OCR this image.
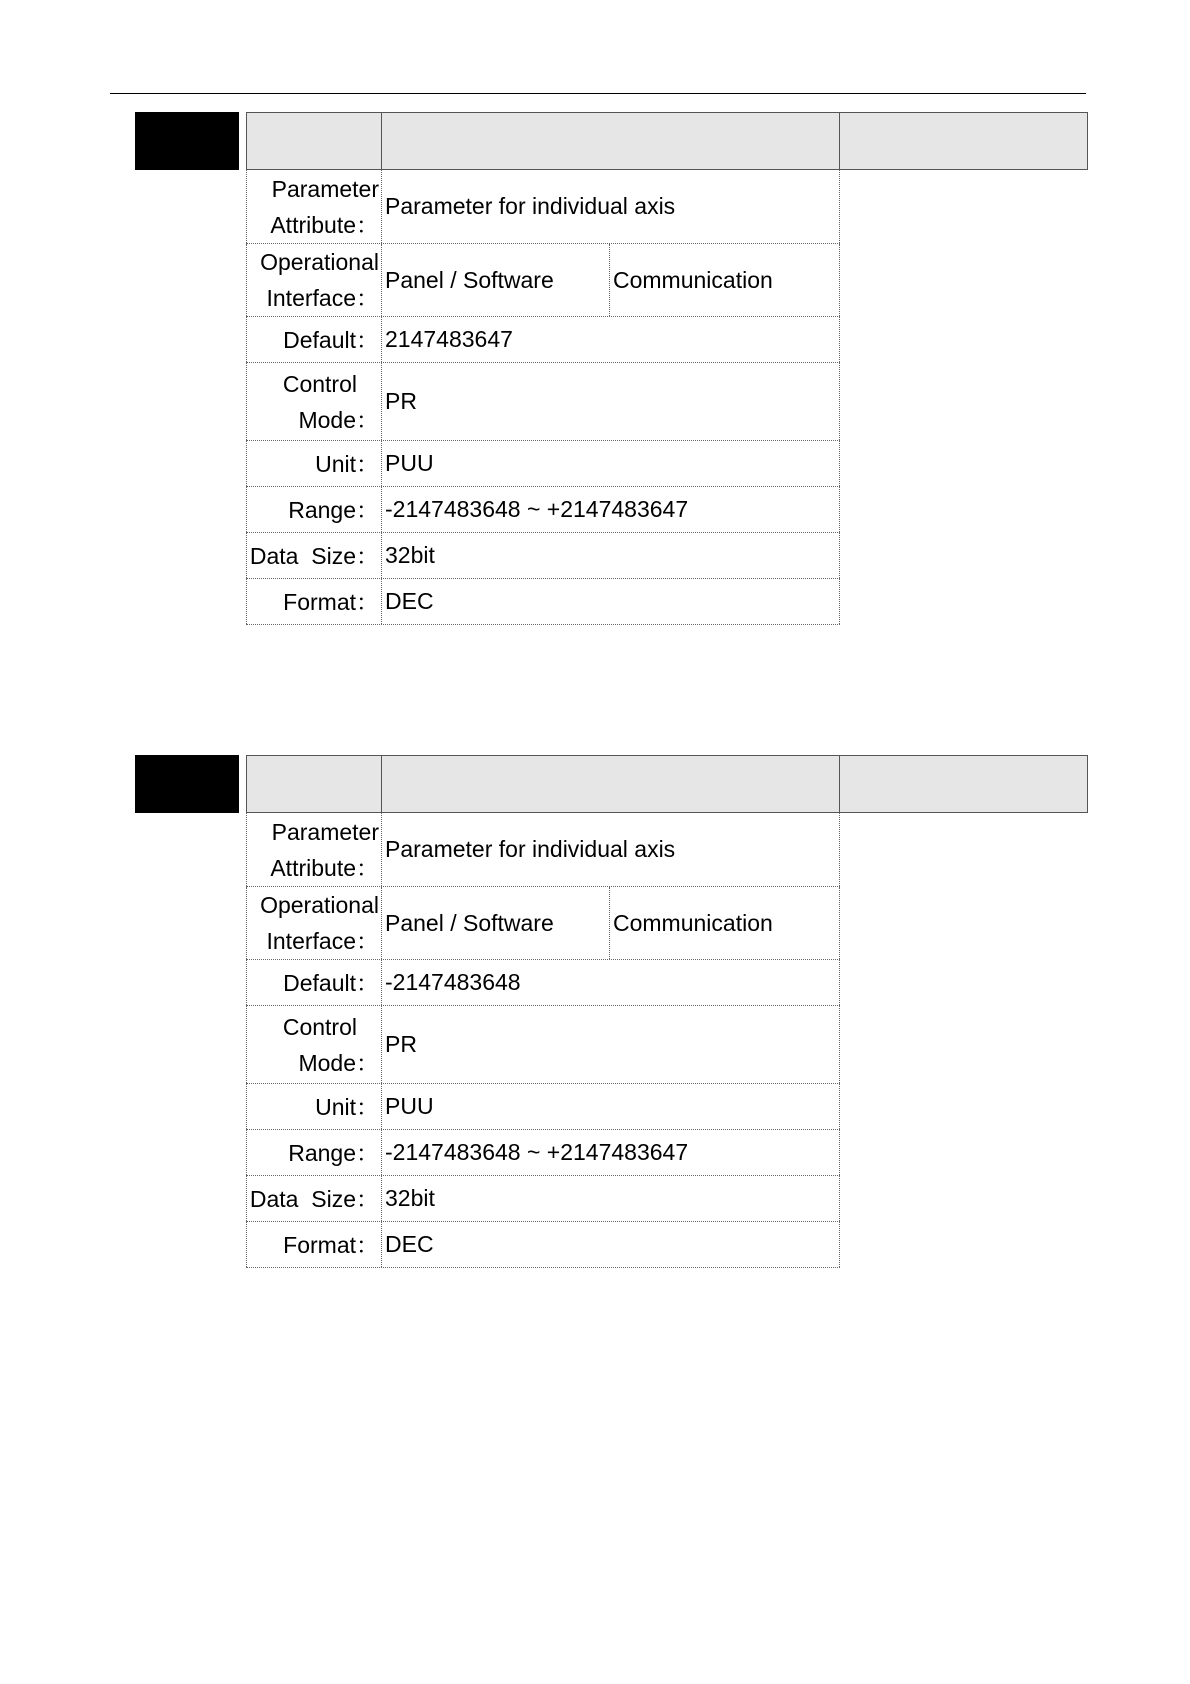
Parameter
Attribute：
Parameter for individual axis
Operational
Interface：
Panel / Software	Communication
Default： 2147483647
Control
Mode：
PR
Unit： PUU
Range： -2147483648 ~ +2147483647
Data  Size： 32bit
Format： DEC
Parameter
Attribute：
Parameter for individual axis
Operational
Interface：
Panel / Software	Communication
Default： -2147483648
Control
Mode：
PR
Unit： PUU
Range： -2147483648 ~ +2147483647
Data  Size： 32bit
Format： DEC
